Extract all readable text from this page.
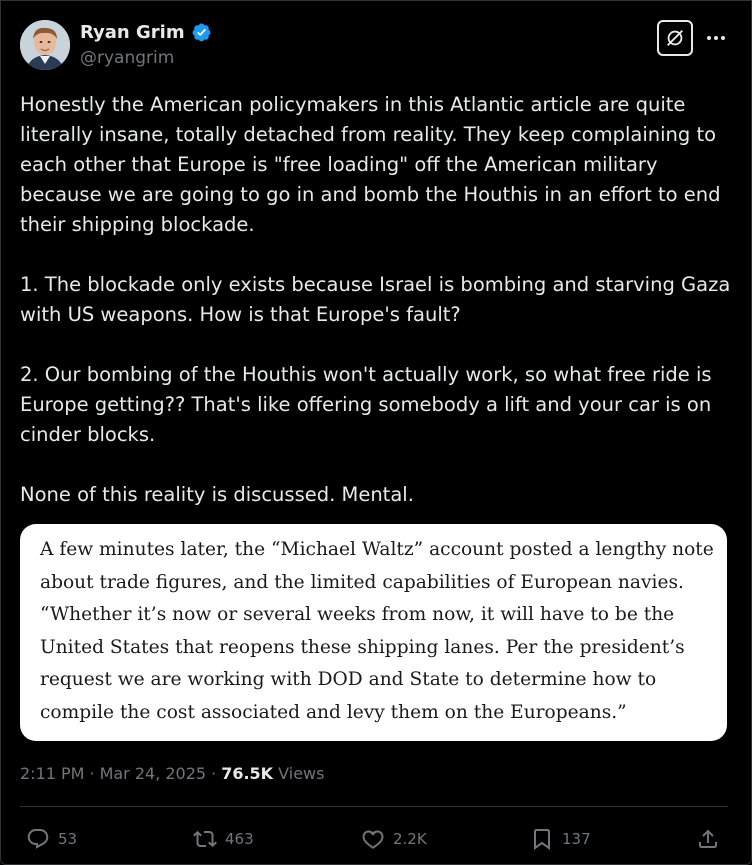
Ryan Grim
@ryangrim

Honestly the American policymakers in this Atlantic article are quite literally insane, totally detached from reality. They keep complaining to each other that Europe is "free loading" off the American military because we are going to go in and bomb the Houthis in an effort to end their shipping blockade.

1. The blockade only exists because Israel is bombing and starving Gaza with US weapons. How is that Europe's fault?

2. Our bombing of the Houthis won't actually work, so what free ride is Europe getting?? That's like offering somebody a lift and your car is on cinder blocks.

None of this reality is discussed. Mental.

A few minutes later, the “Michael Waltz” account posted a lengthy note about trade figures, and the limited capabilities of European navies. “Whether it’s now or several weeks from now, it will have to be the United States that reopens these shipping lanes. Per the president’s request we are working with DOD and State to determine how to compile the cost associated and levy them on the Europeans.”
2:11 PM · Mar 24, 2025 · 76.5K Views
53	463	2.2K	137
